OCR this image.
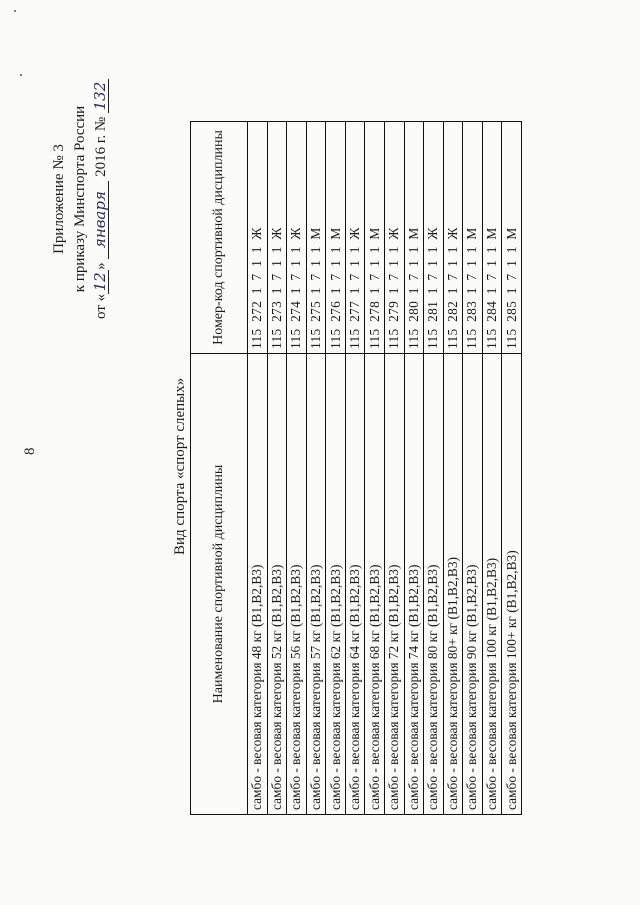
8
Приложение № 3 к приказу Минспорта России
от «12» января 2016 г. № 132
Вид спорта «спорт слепых» Наименование спортивной дисциплины	Номер-код спортивной дисциплины
самбо - весовая категория 48 кг (B1,B2,B3)	115 272 1 7 1 1 Ж
самбо - весовая категория 52 кг (B1,B2,B3)	115 273 1 7 1 1 Ж
самбо - весовая категория 56 кг (B1,B2,B3)	115 274 1 7 1 1 Ж
самбо - весовая категория 57 кг (B1,B2,B3)	115 275 1 7 1 1 М
самбо - весовая категория 62 кг (B1,B2,B3)	115 276 1 7 1 1 М
самбо - весовая категория 64 кг (B1,B2,B3)	115 277 1 7 1 1 Ж
самбо - весовая категория 68 кг (B1,B2,B3)	115 278 1 7 1 1 М
самбо - весовая категория 72 кг (B1,B2,B3)	115 279 1 7 1 1 Ж
самбо - весовая категория 74 кг (B1,B2,B3)	115 280 1 7 1 1 М
самбо - весовая категория 80 кг (B1,B2,B3)	115 281 1 7 1 1 Ж
самбо - весовая категория 80+ кг (B1,B2,B3)	115 282 1 7 1 1 Ж
самбо - весовая категория 90 кг (B1,B2,B3)	115 283 1 7 1 1 М
самбо - весовая категория 100 кг (B1,B2,B3)	115 284 1 7 1 1 М
самбо - весовая категория 100+ кг (B1,B2,B3)	115 285 1 7 1 1 М
